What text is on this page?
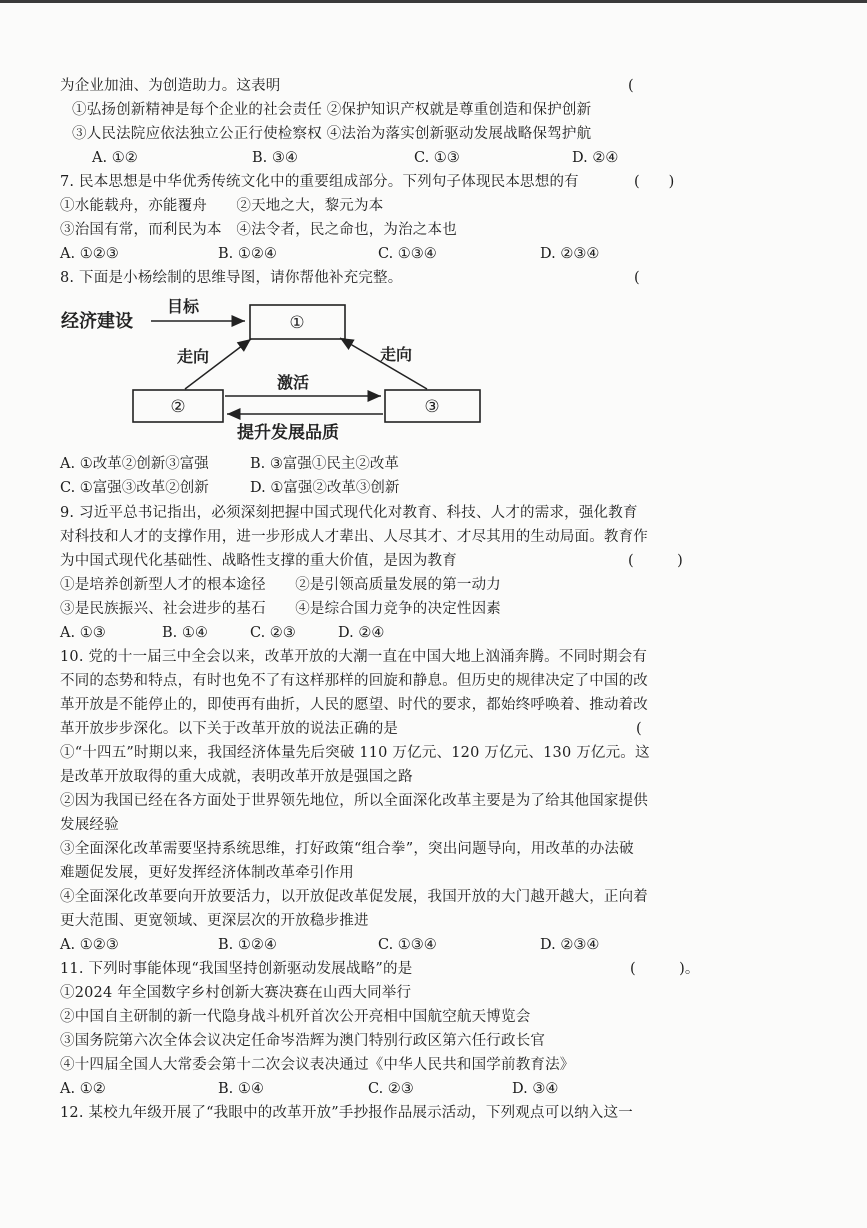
为企业加油、为创造助力。这表明	(
①弘扬创新精神是每个企业的社会责任 ②保护知识产权就是尊重创造和保护创新
③人民法院应依法独立公正行使检察权 ④法治为落实创新驱动发展战略保驾护航
A. ①②	B. ③④	C. ①③	D. ②④
7. 民本思想是中华优秀传统文化中的重要组成部分。下列句子体现民本思想的有	(　　)
①水能载舟，亦能覆舟　　②天地之大，黎元为本
③治国有常，而利民为本　④法令者，民之命也，为治之本也
A. ①②③	B. ①②④	C. ①③④	D. ②③④
8. 下面是小杨绘制的思维导图，请你帮他补充完整。	(
经济建设
目标
①
走向	走向
②	③
激活
提升发展品质
A. ①改革②创新③富强	B. ③富强①民主②改革
C. ①富强③改革②创新	D. ①富强②改革③创新
9. 习近平总书记指出，必须深刻把握中国式现代化对教育、科技、人才的需求，强化教育
对科技和人才的支撑作用，进一步形成人才辈出、人尽其才、才尽其用的生动局面。教育作
为中国式现代化基础性、战略性支撑的重大价值，是因为教育	(　　　)
①是培养创新型人才的根本途径　　②是引领高质量发展的第一动力
③是民族振兴、社会进步的基石　　④是综合国力竞争的决定性因素
A. ①③	B. ①④	C. ②③	D. ②④
10. 党的十一届三中全会以来，改革开放的大潮一直在中国大地上汹涌奔腾。不同时期会有
不同的态势和特点，有时也免不了有这样那样的回旋和静息。但历史的规律决定了中国的改
革开放是不能停止的，即使再有曲折，人民的愿望、时代的要求，都始终呼唤着、推动着改
革开放步步深化。以下关于改革开放的说法正确的是	(
①“十四五”时期以来，我国经济体量先后突破 110 万亿元、120 万亿元、130 万亿元。这
是改革开放取得的重大成就，表明改革开放是强国之路
②因为我国已经在各方面处于世界领先地位，所以全面深化改革主要是为了给其他国家提供
发展经验
③全面深化改革需要坚持系统思维，打好政策“组合拳”，突出问题导向，用改革的办法破
难题促发展，更好发挥经济体制改革牵引作用
④全面深化改革要向开放要活力，以开放促改革促发展，我国开放的大门越开越大，正向着
更大范围、更宽领域、更深层次的开放稳步推进
A. ①②③	B. ①②④	C. ①③④	D. ②③④
11. 下列时事能体现“我国坚持创新驱动发展战略”的是	(　　　)。
①2024 年全国数字乡村创新大赛决赛在山西大同举行
②中国自主研制的新一代隐身战斗机歼首次公开亮相中国航空航天博览会
③国务院第六次全体会议决定任命岑浩辉为澳门特别行政区第六任行政长官
④十四届全国人大常委会第十二次会议表决通过《中华人民共和国学前教育法》
A. ①②	B. ①④	C. ②③	D. ③④
12. 某校九年级开展了“我眼中的改革开放”手抄报作品展示活动，下列观点可以纳入这一
